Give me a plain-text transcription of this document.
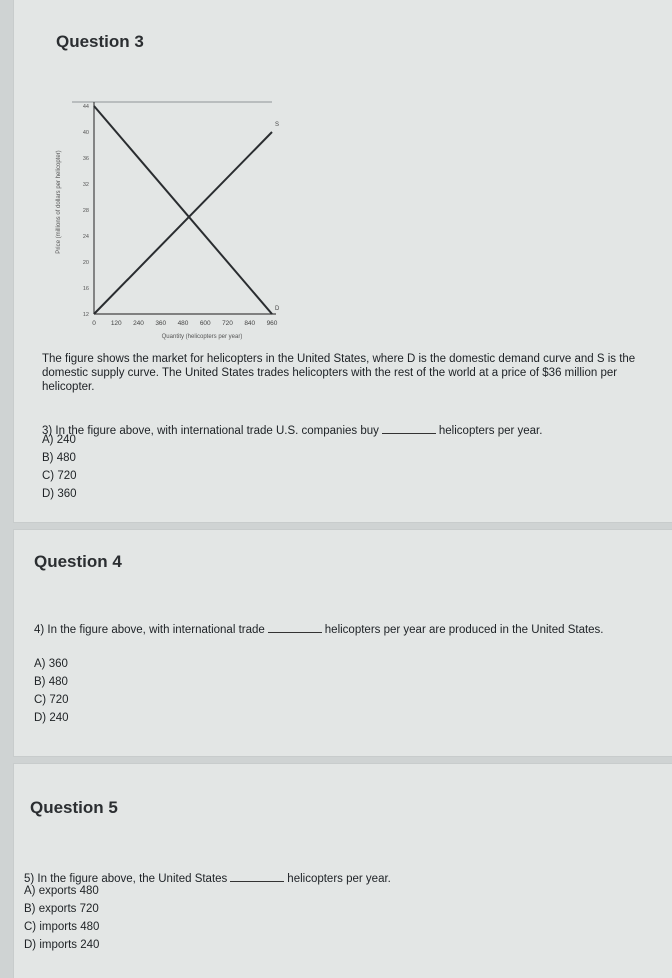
Question 3
0 120 240 360 480 600 720 840 960
12
16
20
24
28
32
36
40
44
S
D
Price (millions of dollars per helicopter)
Quantity (helicopters per year)
The figure shows the market for helicopters in the United States, where D is the domestic demand curve and S is the domestic supply curve. The United States trades helicopters with the rest of the world at a price of $36 million per helicopter.
3) In the figure above, with international trade U.S. companies buy	helicopters per year.
A) 240
B) 480
C) 720
D) 360
Question 4
4) In the figure above, with international trade	helicopters per year are produced in the United States.
A) 360
B) 480
C) 720
D) 240
Question 5
5) In the figure above, the United States	helicopters per year.
A) exports 480
B) exports 720
C) imports 480
D) imports 240
